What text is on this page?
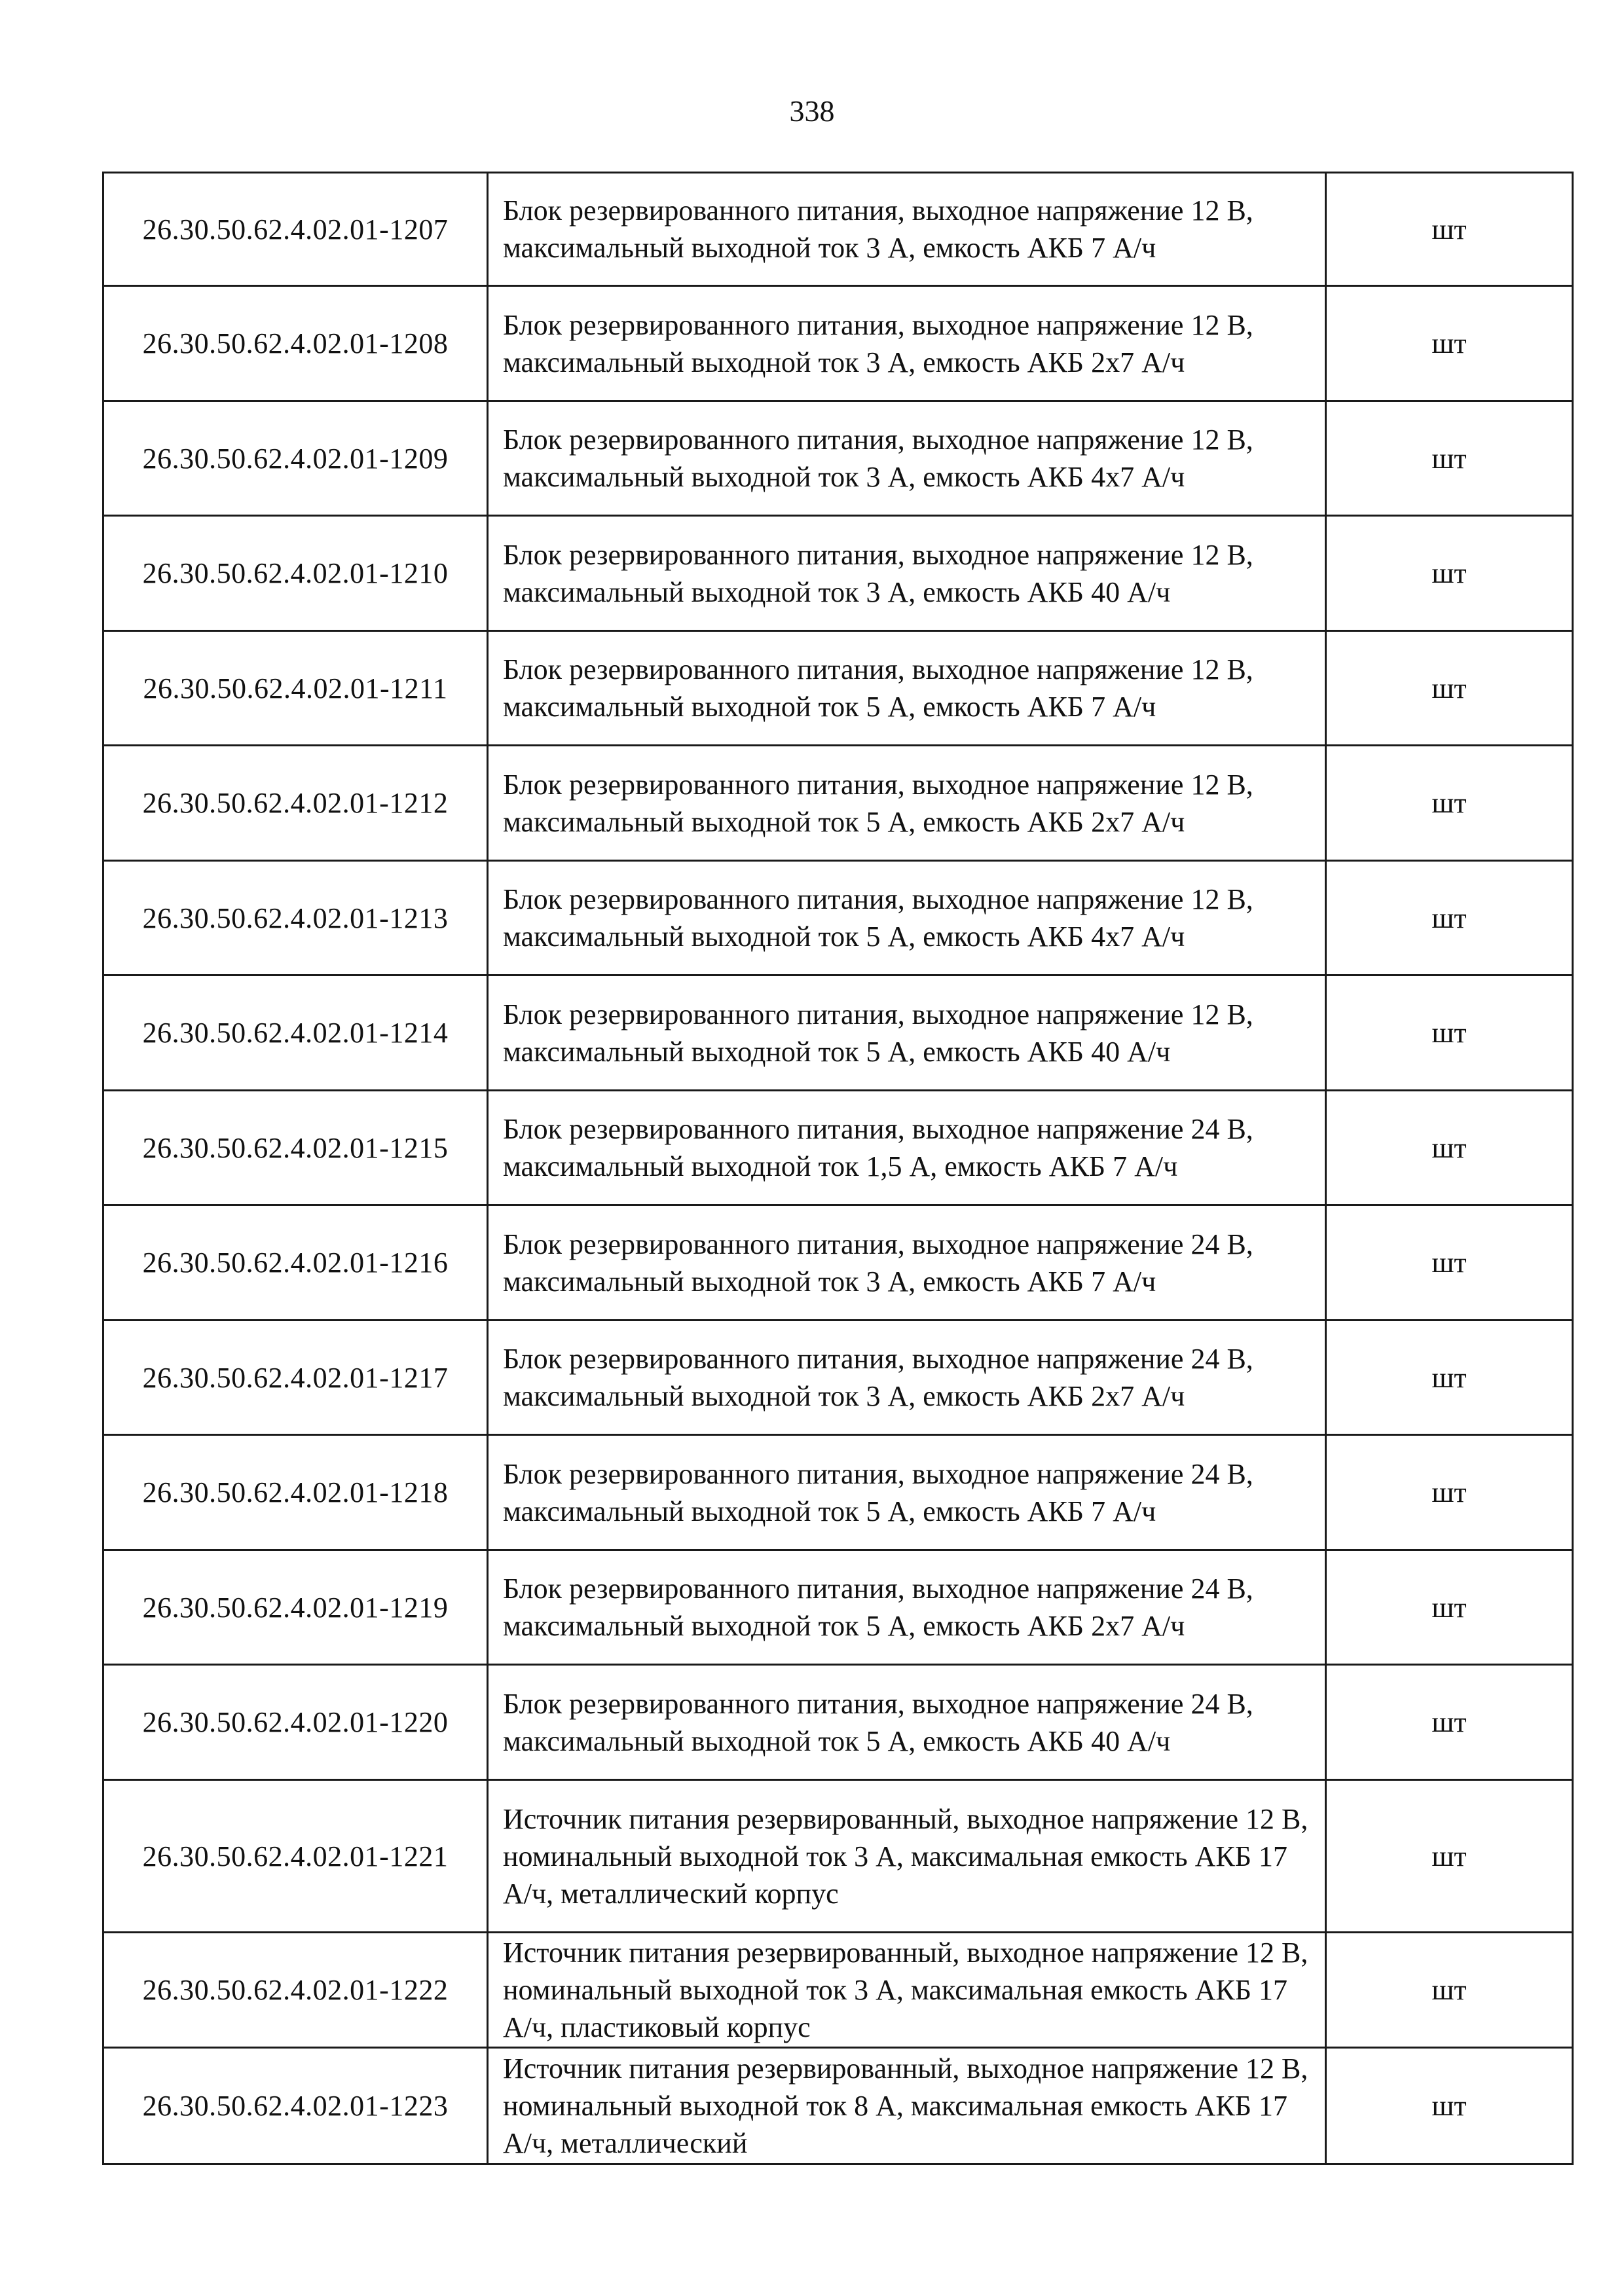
338
26.30.50.62.4.02.01-1207	Блок резервированного питания, выходное напряжение 12 В, максимальный выходной ток 3 А, емкость АКБ 7 А/ч	шт
26.30.50.62.4.02.01-1208	Блок резервированного питания, выходное напряжение 12 В, максимальный выходной ток 3 А, емкость АКБ 2х7 А/ч	шт
26.30.50.62.4.02.01-1209	Блок резервированного питания, выходное напряжение 12 В, максимальный выходной ток 3 А, емкость АКБ 4х7 А/ч	шт
26.30.50.62.4.02.01-1210	Блок резервированного питания, выходное напряжение 12 В, максимальный выходной ток 3 А, емкость АКБ 40 А/ч	шт
26.30.50.62.4.02.01-1211	Блок резервированного питания, выходное напряжение 12 В, максимальный выходной ток 5 А, емкость АКБ 7 А/ч	шт
26.30.50.62.4.02.01-1212	Блок резервированного питания, выходное напряжение 12 В, максимальный выходной ток 5 А, емкость АКБ 2х7 А/ч	шт
26.30.50.62.4.02.01-1213	Блок резервированного питания, выходное напряжение 12 В, максимальный выходной ток 5 А, емкость АКБ 4х7 А/ч	шт
26.30.50.62.4.02.01-1214	Блок резервированного питания, выходное напряжение 12 В, максимальный выходной ток 5 А, емкость АКБ 40 А/ч	шт
26.30.50.62.4.02.01-1215	Блок резервированного питания, выходное напряжение 24 В, максимальный выходной ток 1,5 А, емкость АКБ 7 А/ч	шт
26.30.50.62.4.02.01-1216	Блок резервированного питания, выходное напряжение 24 В, максимальный выходной ток 3 А, емкость АКБ 7 А/ч	шт
26.30.50.62.4.02.01-1217	Блок резервированного питания, выходное напряжение 24 В, максимальный выходной ток 3 А, емкость АКБ 2х7 А/ч	шт
26.30.50.62.4.02.01-1218	Блок резервированного питания, выходное напряжение 24 В, максимальный выходной ток 5 А, емкость АКБ 7 А/ч	шт
26.30.50.62.4.02.01-1219	Блок резервированного питания, выходное напряжение 24 В, максимальный выходной ток 5 А, емкость АКБ 2х7 А/ч	шт
26.30.50.62.4.02.01-1220	Блок резервированного питания, выходное напряжение 24 В, максимальный выходной ток 5 А, емкость АКБ 40 А/ч	шт
26.30.50.62.4.02.01-1221	Источник питания резервированный, выходное напряжение 12 В, номинальный выходной ток 3 А, максимальная емкость АКБ 17 А/ч, металлический корпус	шт
26.30.50.62.4.02.01-1222	Источник питания резервированный, выходное напряжение 12 В, номинальный выходной ток 3 А, максимальная емкость АКБ 17 А/ч, пластиковый корпус	шт
26.30.50.62.4.02.01-1223	Источник питания резервированный, выходное напряжение 12 В, номинальный выходной ток 8 А, максимальная емкость АКБ 17 А/ч, металлический	шт
